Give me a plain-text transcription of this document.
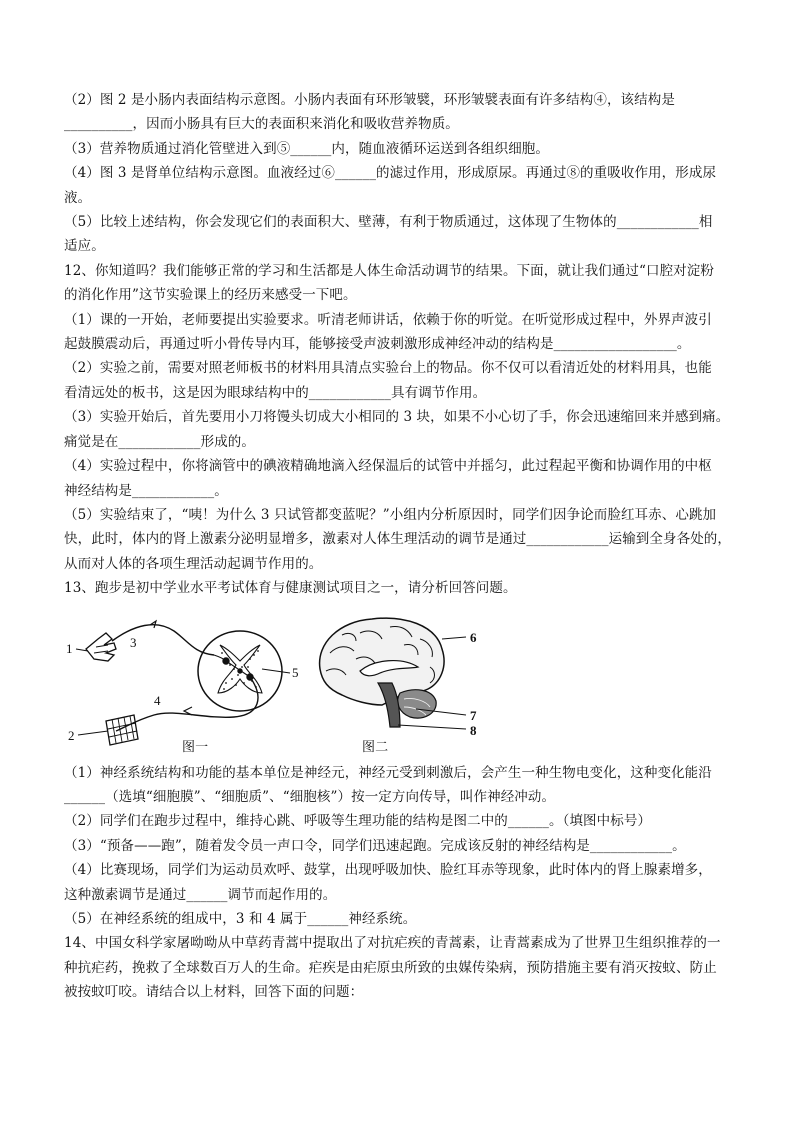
（2）图 2 是小肠内表面结构示意图。小肠内表面有环形皱襞，环形皱襞表面有许多结构④，该结构是

__________，因而小肠具有巨大的表面积来消化和吸收营养物质。

（3）营养物质通过消化管壁进入到⑤______内，随血液循环运送到各组织细胞。

（4）图 3 是肾单位结构示意图。血液经过⑥______的滤过作用，形成原尿。再通过⑧的重吸收作用，形成尿

液。

（5）比较上述结构，你会发现它们的表面积大、壁薄，有利于物质通过，这体现了生物体的____________相

适应。

12、你知道吗？我们能够正常的学习和生活都是人体生命活动调节的结果。下面，就让我们通过“口腔对淀粉

的消化作用”这节实验课上的经历来感受一下吧。

（1）课的一开始，老师要提出实验要求。听清老师讲话，依赖于你的听觉。在听觉形成过程中，外界声波引

起鼓膜震动后，再通过听小骨传导内耳，能够接受声波刺激形成神经冲动的结构是__________________。

（2）实验之前，需要对照老师板书的材料用具清点实验台上的物品。你不仅可以看清近处的材料用具，也能

看清远处的板书，这是因为眼球结构中的____________具有调节作用。

（3）实验开始后，首先要用小刀将馒头切成大小相同的 3 块，如果不小心切了手，你会迅速缩回来并感到痛。

痛觉是在____________形成的。

（4）实验过程中，你将滴管中的碘液精确地滴入经保温后的试管中并摇匀，此过程起平衡和协调作用的中枢

神经结构是____________。

（5）实验结束了，“咦！为什么 3 只试管都变蓝呢？”小组内分析原因时，同学们因争论而脸红耳赤、心跳加

快，此时，体内的肾上激素分泌明显增多，激素对人体生理活动的调节是通过____________运输到全身各处的，

从而对人体的各项生理活动起调节作用的。

13、跑步是初中学业水平考试体育与健康测试项目之一，请分析回答问题。

1
2
3
4
5
图一
6
7
8
图二

（1）神经系统结构和功能的基本单位是神经元，神经元受到刺激后，会产生一种生物电变化，这种变化能沿

______（选填“细胞膜”、“细胞质”、“细胞核”）按一定方向传导，叫作神经冲动。

（2）同学们在跑步过程中，维持心跳、呼吸等生理功能的结构是图二中的______。（填图中标号）

（3）“预备——跑”，随着发令员一声口令，同学们迅速起跑。完成该反射的神经结构是____________。

（4）比赛现场，同学们为运动员欢呼、鼓掌，出现呼吸加快、脸红耳赤等现象，此时体内的肾上腺素增多，

这种激素调节是通过______调节而起作用的。

（5）在神经系统的组成中，3 和 4 属于______神经系统。

14、中国女科学家屠呦呦从中草药青蒿中提取出了对抗疟疾的青蒿素，让青蒿素成为了世界卫生组织推荐的一

种抗疟药，挽救了全球数百万人的生命。疟疾是由疟原虫所致的虫媒传染病，预防措施主要有消灭按蚊、防止

被按蚊叮咬。请结合以上材料，回答下面的问题：
